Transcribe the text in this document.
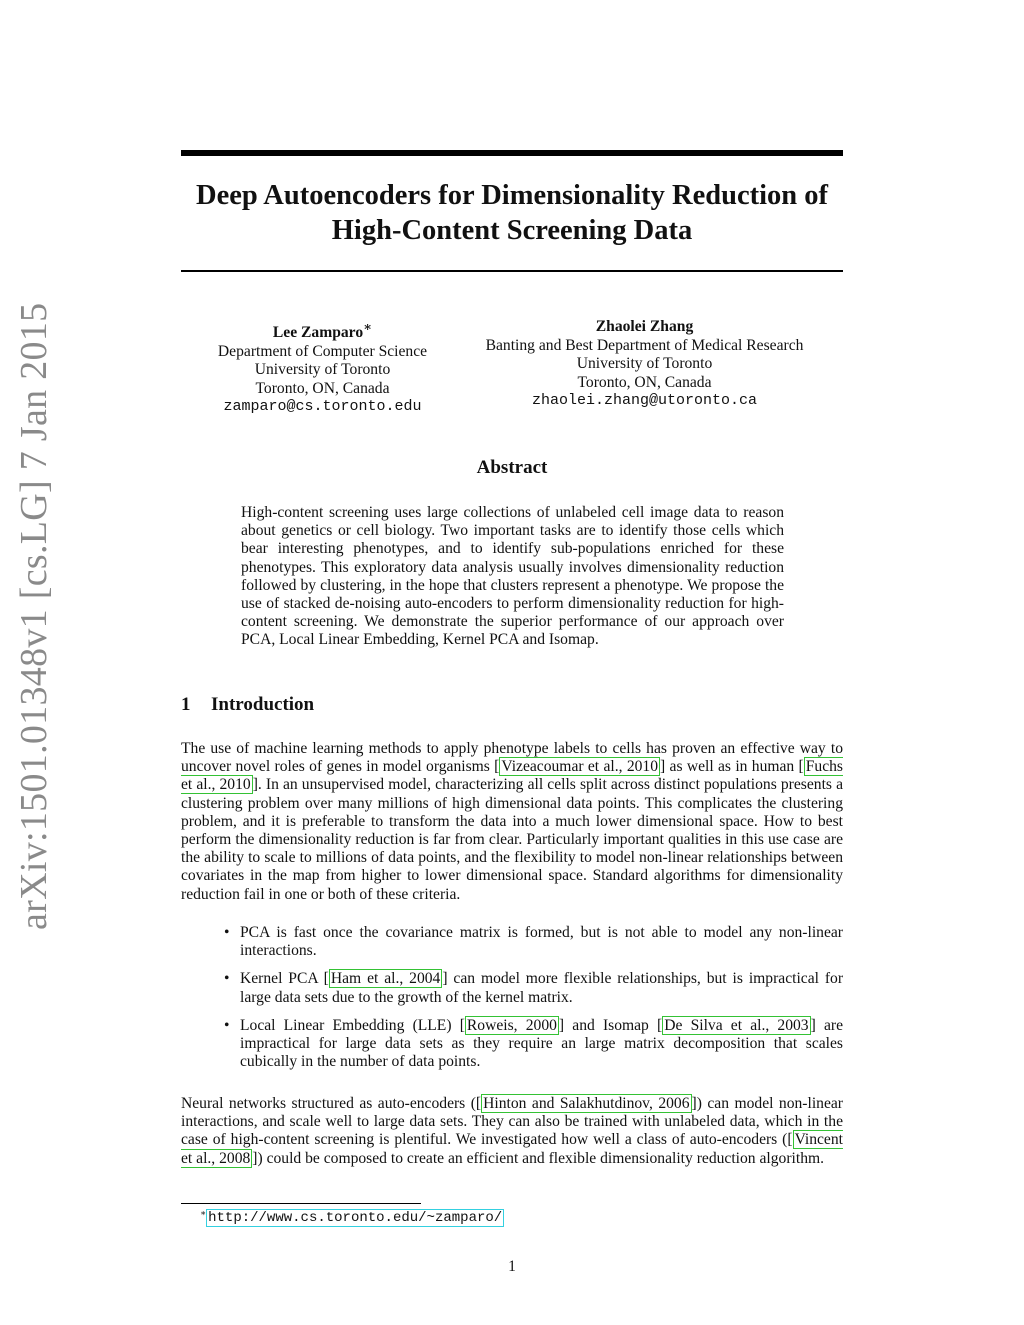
arXiv:1501.01348v1 [cs.LG] 7 Jan 2015
Deep Autoencoders for Dimensionality Reduction of
High-Content Screening Data
Lee Zamparo∗
Department of Computer Science
University of Toronto
Toronto, ON, Canada
zamparo@cs.toronto.edu
Zhaolei Zhang
Banting and Best Department of Medical Research
University of Toronto
Toronto, ON, Canada
zhaolei.zhang@utoronto.ca
Abstract
High-content screening uses large collections of unlabeled cell image data to reason about genetics or cell biology. Two important tasks are to identify those cells which bear interesting phenotypes, and to identify sub-populations enriched for these phenotypes. This exploratory data analysis usually involves dimensionality reduction followed by clustering, in the hope that clusters represent a phenotype. We propose the use of stacked de-noising auto-encoders to perform dimensionality reduction for high-content screening. We demonstrate the superior performance of our approach over PCA, Local Linear Embedding, Kernel PCA and Isomap.
1 Introduction
The use of machine learning methods to apply phenotype labels to cells has proven an effective way to uncover novel roles of genes in model organisms [ Vizeacoumar et al., 2010 ] as well as in human [ Fuchs et al., 2010 ]. In an unsupervised model, characterizing all cells split across distinct populations presents a clustering problem over many millions of high dimensional data points. This complicates the clustering problem, and it is preferable to transform the data into a much lower dimensional space. How to best perform the dimensionality reduction is far from clear. Particularly important qualities in this use case are the ability to scale to millions of data points, and the flexibility to model non-linear relationships between covariates in the map from higher to lower dimensional space. Standard algorithms for dimensionality reduction fail in one or both of these criteria.
• PCA is fast once the covariance matrix is formed, but is not able to model any non-linear interactions.
• Kernel PCA [ Ham et al., 2004 ] can model more flexible relationships, but is impractical for large data sets due to the growth of the kernel matrix.
• Local Linear Embedding (LLE) [ Roweis, 2000 ] and Isomap [ De Silva et al., 2003 ] are impractical for large data sets as they require an large matrix decomposition that scales cubically in the number of data points.
Neural networks structured as auto-encoders ([ Hinton and Salakhutdinov, 2006 ]) can model non-linear interactions, and scale well to large data sets. They can also be trained with unlabeled data, which in the case of high-content screening is plentiful. We investigated how well a class of auto-encoders ([ Vincent et al., 2008 ]) could be composed to create an efficient and flexible dimensionality reduction algorithm.
∗ http://www.cs.toronto.edu/~zamparo/
1
